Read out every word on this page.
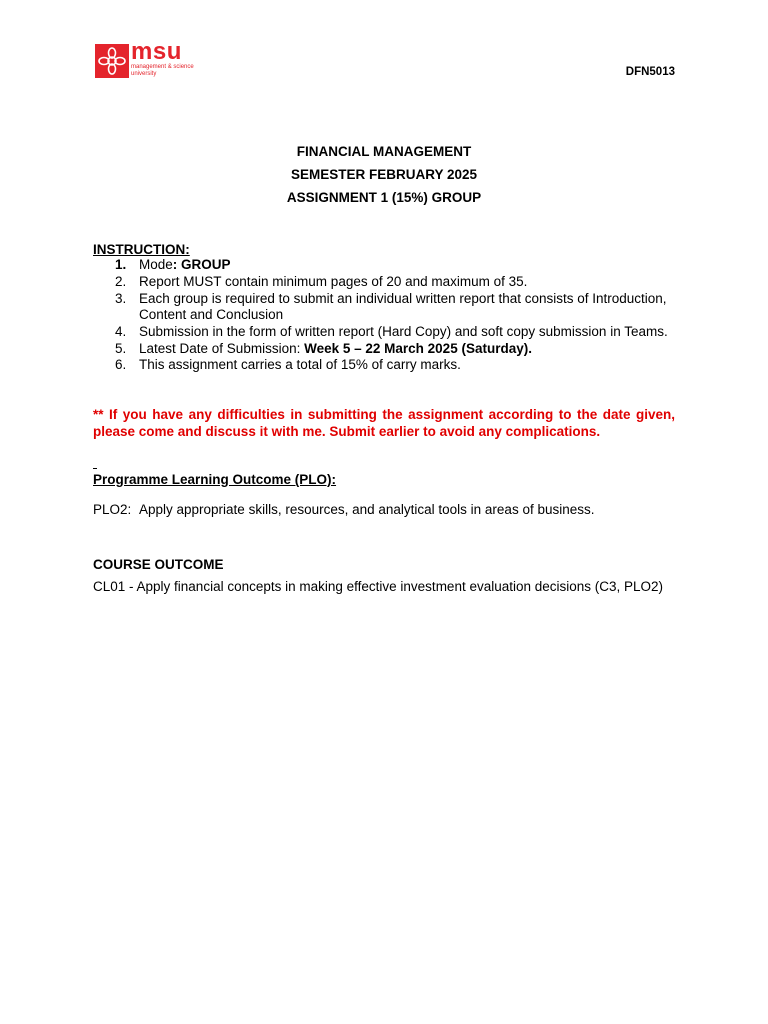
msu
management & science university	DFN5013
FINANCIAL MANAGEMENT
SEMESTER FEBRUARY 2025
ASSIGNMENT 1 (15%) GROUP
INSTRUCTION:
1. Mode: GROUP
2. Report MUST contain minimum pages of 20 and maximum of 35.
3. Each group is required to submit an individual written report that consists of Introduction, Content and Conclusion
4. Submission in the form of written report (Hard Copy) and soft copy submission in Teams.
5. Latest Date of Submission: Week 5 – 22 March 2025 (Saturday).
6. This assignment carries a total of 15% of carry marks.
** If you have any difficulties in submitting the assignment according to the date given, please come and discuss it with me. Submit earlier to avoid any complications.
Programme Learning Outcome (PLO):
PLO2: Apply appropriate skills, resources, and analytical tools in areas of business.
COURSE OUTCOME
CL01 - Apply financial concepts in making effective investment evaluation decisions (C3, PLO2)
